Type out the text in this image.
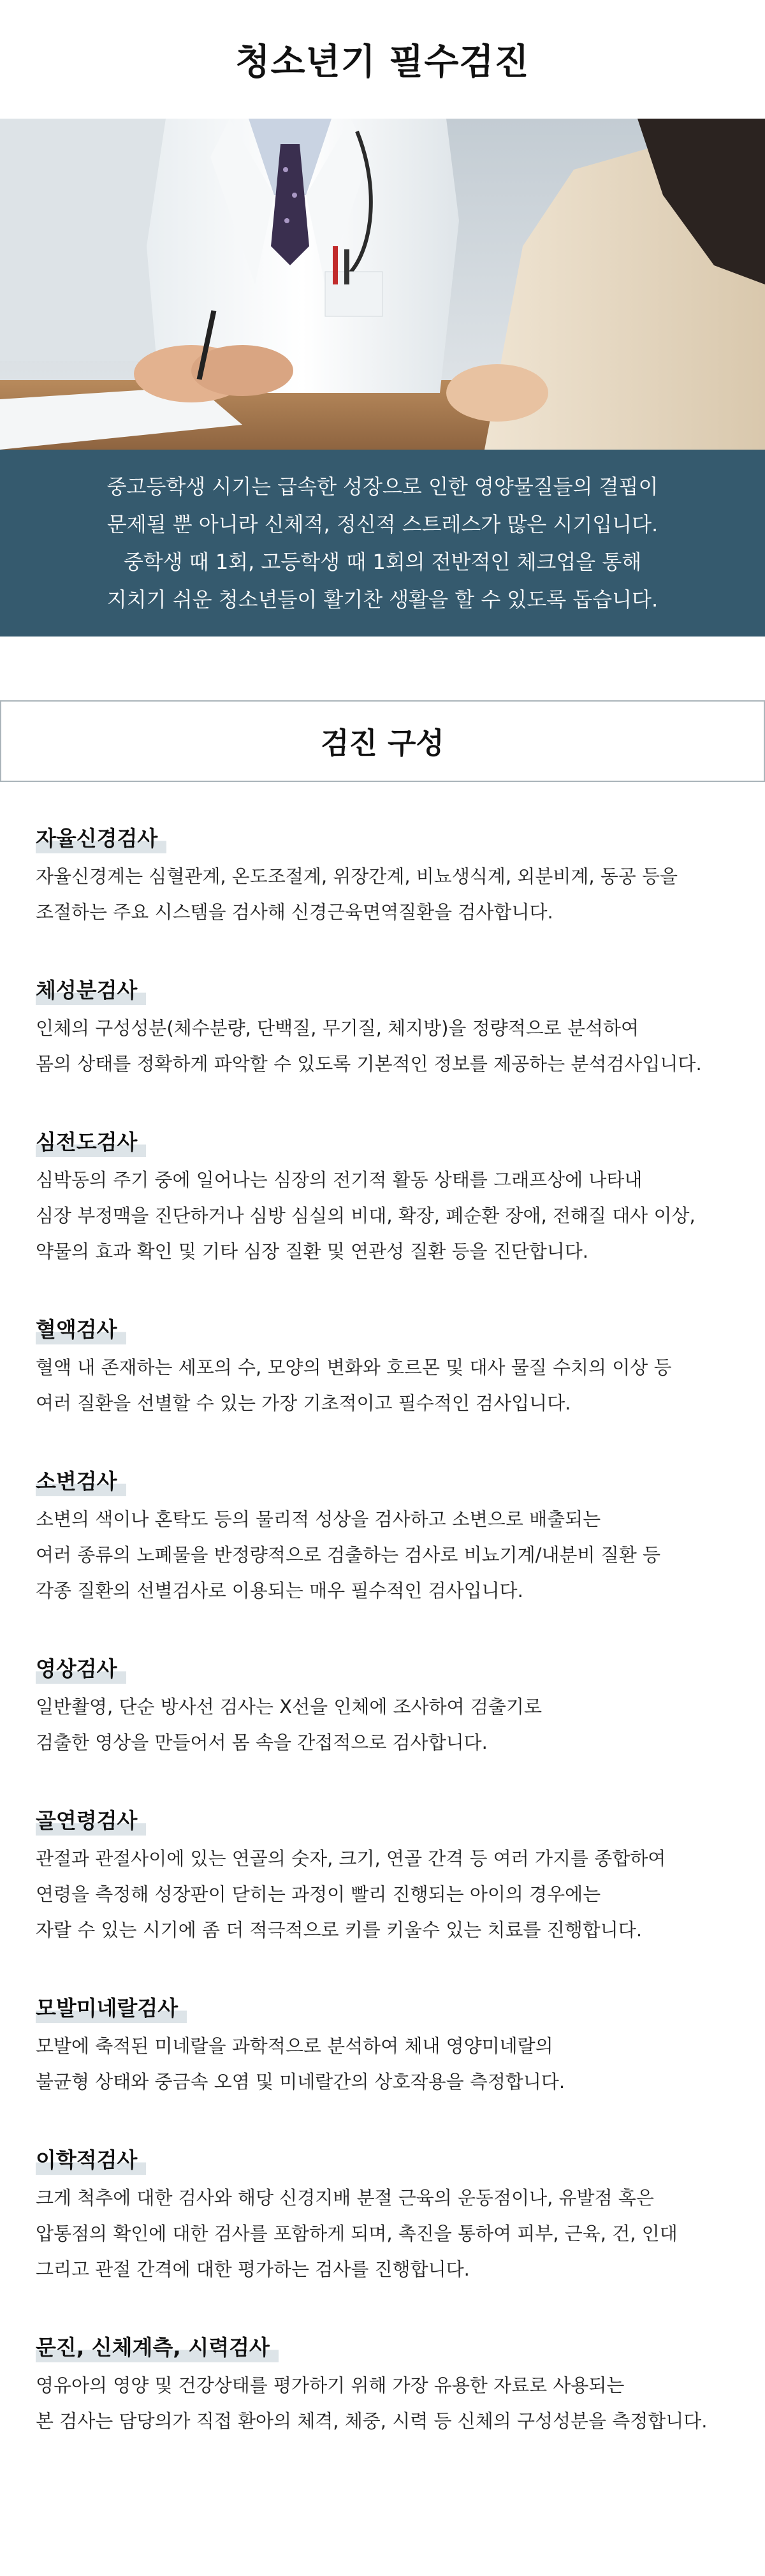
청소년기 필수검진

중고등학생 시기는 급속한 성장으로 인한 영양물질들의 결핍이

문제될 뿐 아니라 신체적, 정신적 스트레스가 많은 시기입니다.

중학생 때 1회, 고등학생 때 1회의 전반적인 체크업을 통해

지치기 쉬운 청소년들이 활기찬 생활을 할 수 있도록 돕습니다.

검진 구성
자율신경검사
자율신경계는 심혈관계, 온도조절계, 위장간계, 비뇨생식계, 외분비계, 동공 등을
조절하는 주요 시스템을 검사해 신경근육면역질환을 검사합니다.
체성분검사
인체의 구성성분(체수분량, 단백질, 무기질, 체지방)을 정량적으로 분석하여
몸의 상태를 정확하게 파악할 수 있도록 기본적인 정보를 제공하는 분석검사입니다.
심전도검사
심박동의 주기 중에 일어나는 심장의 전기적 활동 상태를 그래프상에 나타내
심장 부정맥을 진단하거나 심방 심실의 비대, 확장, 폐순환 장애, 전해질 대사 이상,
약물의 효과 확인 및 기타 심장 질환 및 연관성 질환 등을 진단합니다.
혈액검사
혈액 내 존재하는 세포의 수, 모양의 변화와 호르몬 및 대사 물질 수치의 이상 등
여러 질환을 선별할 수 있는 가장 기초적이고 필수적인 검사입니다.
소변검사
소변의 색이나 혼탁도 등의 물리적 성상을 검사하고 소변으로 배출되는
여러 종류의 노폐물을 반정량적으로 검출하는 검사로 비뇨기계/내분비 질환 등
각종 질환의 선별검사로 이용되는 매우 필수적인 검사입니다.
영상검사
일반촬영, 단순 방사선 검사는 X선을 인체에 조사하여 검출기로
검출한 영상을 만들어서 몸 속을 간접적으로 검사합니다.
골연령검사
관절과 관절사이에 있는 연골의 숫자, 크기, 연골 간격 등 여러 가지를 종합하여
연령을 측정해 성장판이 닫히는 과정이 빨리 진행되는 아이의 경우에는
자랄 수 있는 시기에 좀 더 적극적으로 키를 키울수 있는 치료를 진행합니다.
모발미네랄검사
모발에 축적된 미네랄을 과학적으로 분석하여 체내 영양미네랄의
불균형 상태와 중금속 오염 및 미네랄간의 상호작용을 측정합니다.
이학적검사
크게 척추에 대한 검사와 해당 신경지배 분절 근육의 운동점이나, 유발점 혹은
압통점의 확인에 대한 검사를 포함하게 되며, 촉진을 통하여 피부, 근육, 건, 인대
그리고 관절 간격에 대한 평가하는 검사를 진행합니다.
문진, 신체계측, 시력검사
영유아의 영양 및 건강상태를 평가하기 위해 가장 유용한 자료로 사용되는
본 검사는 담당의가 직접 환아의 체격, 체중, 시력 등 신체의 구성성분을 측정합니다.
